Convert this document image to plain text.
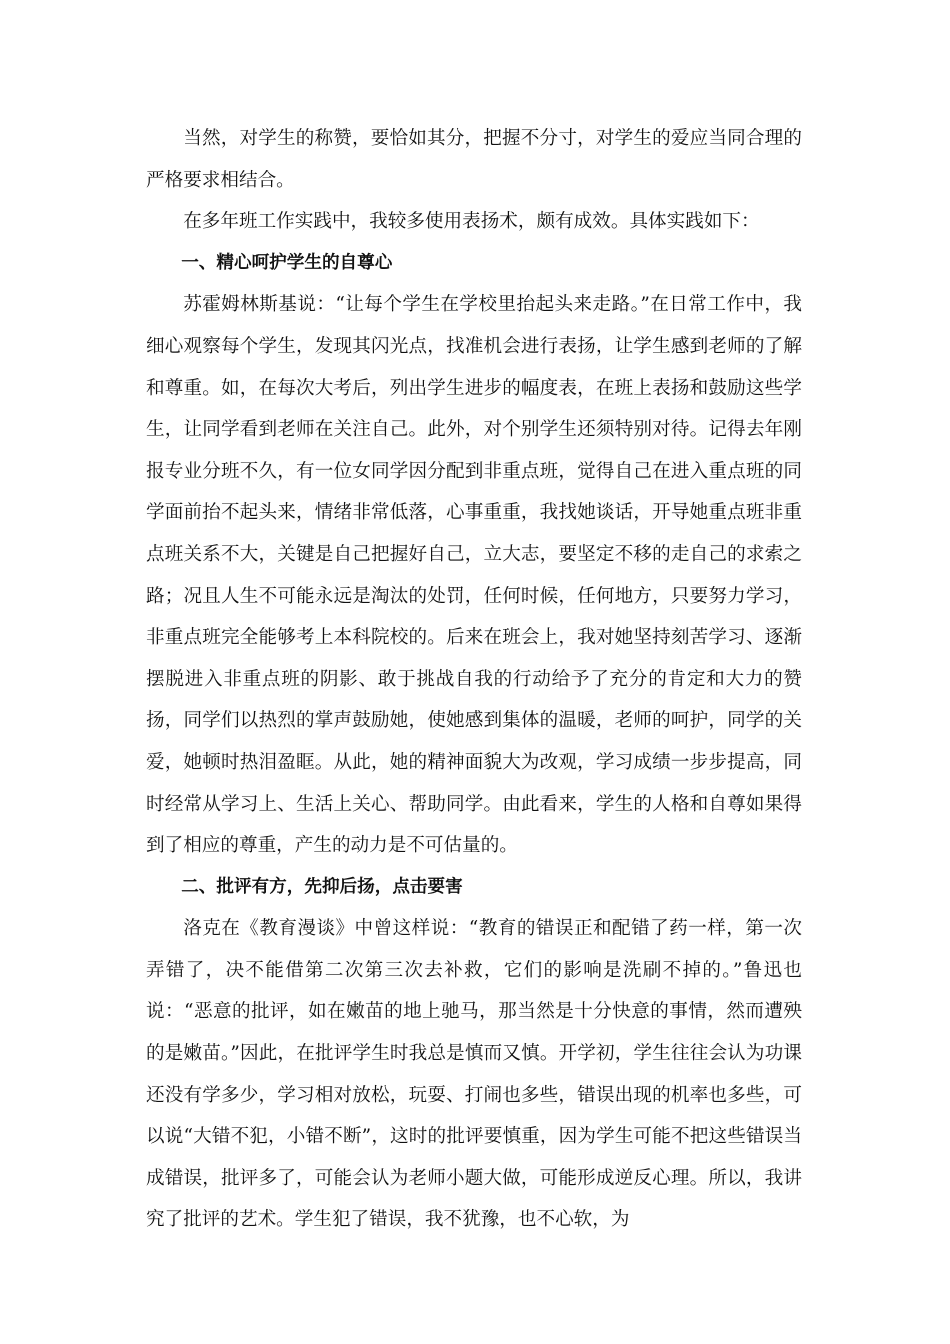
当然，对学生的称赞，要恰如其分，把握不分寸，对学生的爱应当同合理的严格要求相结合。

在多年班工作实践中，我较多使用表扬术，颇有成效。具体实践如下：

一、精心呵护学生的自尊心

苏霍姆林斯基说：“让每个学生在学校里抬起头来走路。”在日常工作中，我细心观察每个学生，发现其闪光点，找准机会进行表扬，让学生感到老师的了解和尊重。如，在每次大考后，列出学生进步的幅度表，在班上表扬和鼓励这些学生，让同学看到老师在关注自己。此外，对个别学生还须特别对待。记得去年刚报专业分班不久，有一位女同学因分配到非重点班，觉得自己在进入重点班的同学面前抬不起头来，情绪非常低落，心事重重，我找她谈话，开导她重点班非重点班关系不大，关键是自己把握好自己，立大志，要坚定不移的走自己的求索之路；况且人生不可能永远是淘汰的处罚，任何时候，任何地方，只要努力学习，非重点班完全能够考上本科院校的。后来在班会上，我对她坚持刻苦学习、逐渐摆脱进入非重点班的阴影、敢于挑战自我的行动给予了充分的肯定和大力的赞扬，同学们以热烈的掌声鼓励她，使她感到集体的温暖，老师的呵护，同学的关爱，她顿时热泪盈眶。从此，她的精神面貌大为改观，学习成绩一步步提高，同时经常从学习上、生活上关心、帮助同学。由此看来，学生的人格和自尊如果得到了相应的尊重，产生的动力是不可估量的。

二、批评有方，先抑后扬，点击要害

洛克在《教育漫谈》中曾这样说：“教育的错误正和配错了药一样，第一次弄错了，决不能借第二次第三次去补救，它们的影响是洗刷不掉的。”鲁迅也说：“恶意的批评，如在嫩苗的地上驰马，那当然是十分快意的事情，然而遭殃的是嫩苗。”因此，在批评学生时我总是慎而又慎。开学初，学生往往会认为功课还没有学多少，学习相对放松，玩耍、打闹也多些，错误出现的机率也多些，可以说“大错不犯，小错不断”，这时的批评要慎重，因为学生可能不把这些错误当成错误，批评多了，可能会认为老师小题大做，可能形成逆反心理。所以，我讲究了批评的艺术。学生犯了错误，我不犹豫，也不心软，为
